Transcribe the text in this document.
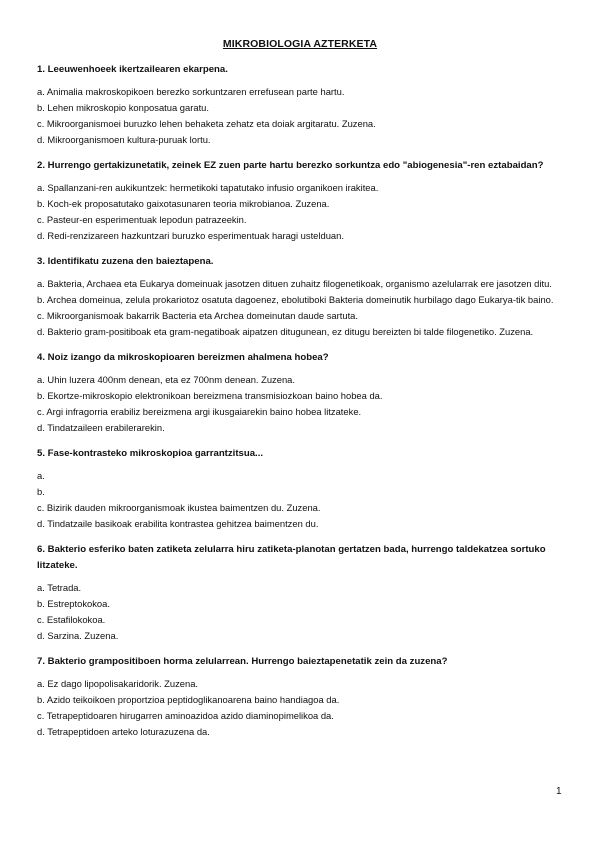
MIKROBIOLOGIA AZTERKETA
1. Leeuwenhoeek ikertzailearen ekarpena.
a. Animalia makroskopikoen berezko sorkuntzaren errefusean parte hartu.
b. Lehen mikroskopio konposatua garatu.
c. Mikroorganismoei buruzko lehen behaketa zehatz eta doiak argitaratu. Zuzena.
d. Mikroorganismoen kultura-puruak lortu.
2. Hurrengo gertakizunetatik, zeinek EZ zuen parte hartu berezko sorkuntza edo "abiogenesia"-ren eztabaidan?
a. Spallanzani-ren aukikuntzek: hermetikoki tapatutako infusio organikoen irakitea.
b. Koch-ek proposatutako gaixotasunaren teoria mikrobianoa. Zuzena.
c. Pasteur-en esperimentuak lepodun patrazeekin.
d. Redi-renzizareen hazkuntzari buruzko esperimentuak haragi ustelduan.
3. Identifikatu zuzena den baieztapena.
a. Bakteria, Archaea eta Eukarya domeinuak jasotzen dituen zuhaitz filogenetikoak, organismo azelularrak ere jasotzen ditu.
b. Archea domeinua, zelula prokariotoz osatuta dagoenez, ebolutiboki Bakteria domeinutik hurbilago dago Eukarya-tik baino.
c. Mikroorganismoak bakarrik Bacteria eta Archea domeinutan daude sartuta.
d. Bakterio gram-positiboak eta gram-negatiboak aipatzen ditugunean, ez ditugu bereizten bi talde filogenetiko. Zuzena.
4. Noiz izango da mikroskopioaren bereizmen ahalmena hobea?
a. Uhin luzera 400nm denean, eta ez 700nm denean. Zuzena.
b. Ekortze-mikroskopio elektronikoan bereizmena transmisiozkoan baino hobea da.
c. Argi infragorria erabiliz bereizmena argi ikusgaiarekin baino hobea litzateke.
d. Tindatzaileen erabilerarekin.
5. Fase-kontrasteko mikroskopioa garrantzitsua...
a.
b.
c. Bizirik dauden mikroorganismoak ikustea baimentzen du. Zuzena.
d. Tindatzaile basikoak erabilita kontrastea gehitzea baimentzen du.
6. Bakterio esferiko baten zatiketa zelularra hiru zatiketa-planotan gertatzen bada, hurrengo taldekatzea sortuko litzateke.
a. Tetrada.
b. Estreptokokoa.
c. Estafilokokoa.
d. Sarzina. Zuzena.
7. Bakterio grampositiboen horma zelularrean. Hurrengo baieztapenetatik zein da zuzena?
a. Ez dago lipopolisakaridorik. Zuzena.
b. Azido teikoikoen proportzioa peptidoglikanoarena baino handiagoa da.
c. Tetrapeptidoaren hirugarren aminoazidoa azido diaminopimelikoa da.
d. Tetrapeptidoen arteko loturazuzena da.
1
